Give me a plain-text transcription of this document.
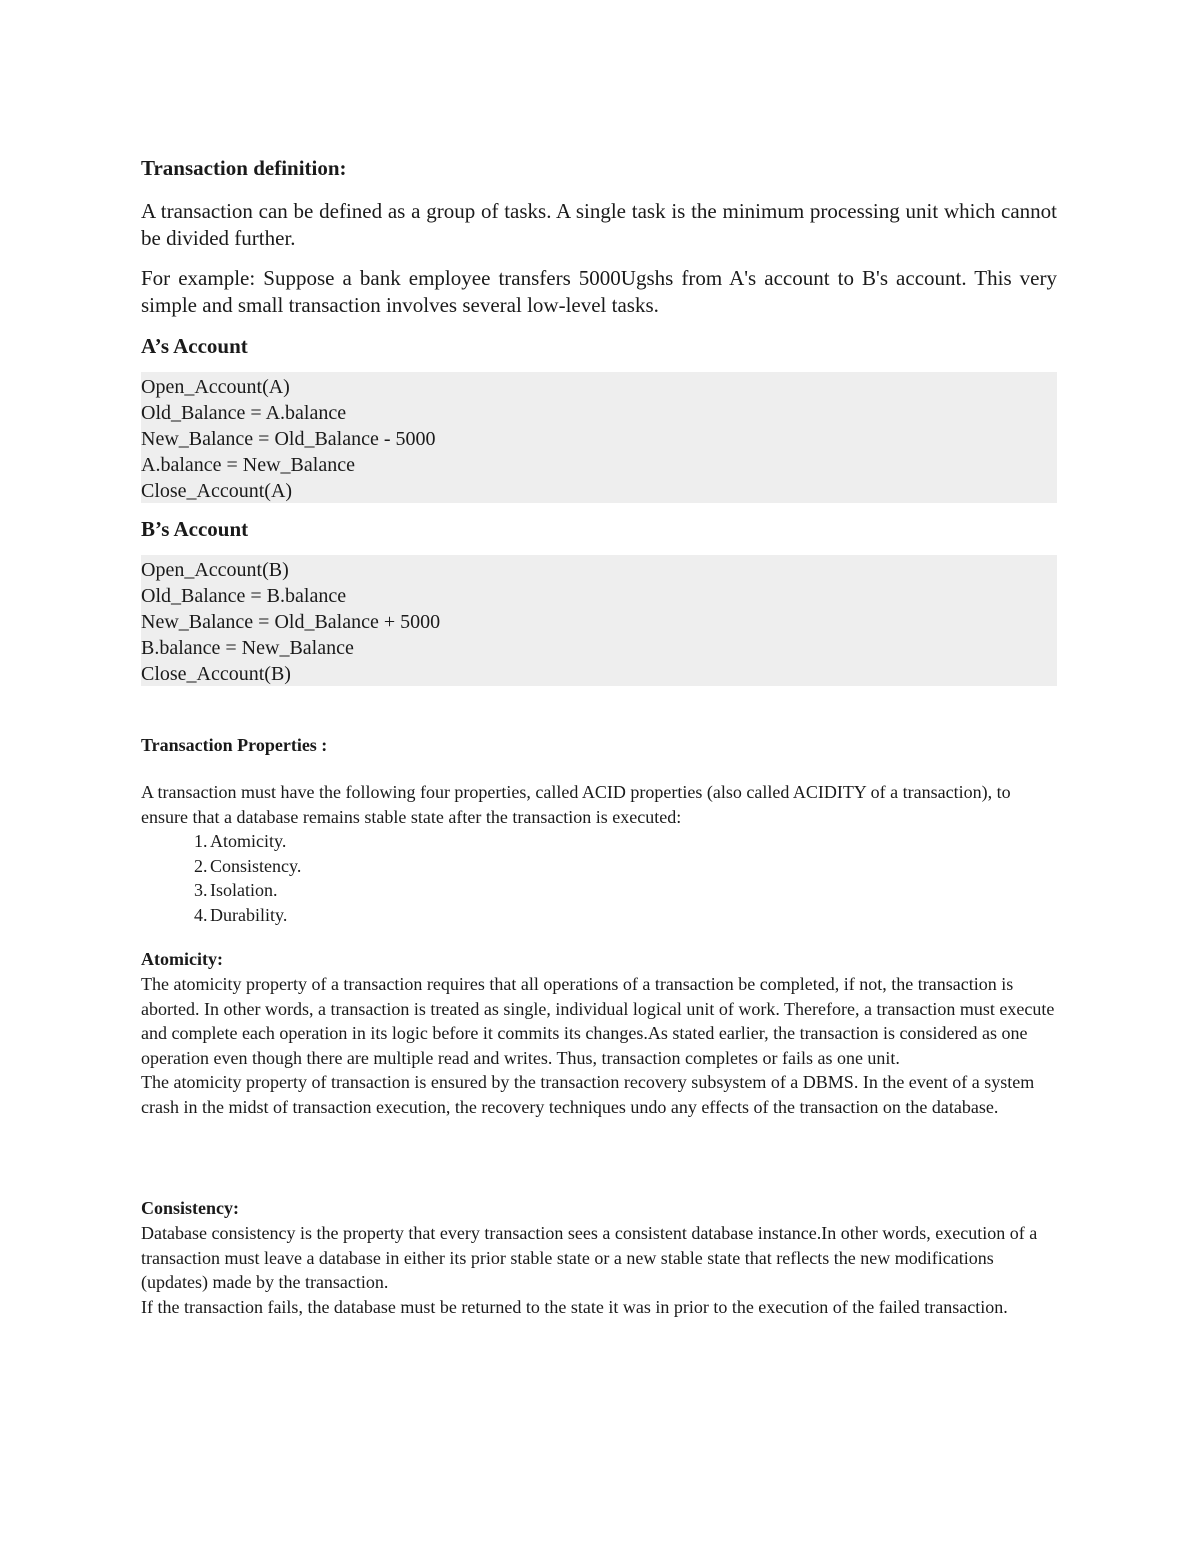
Transaction definition:

A transaction can be defined as a group of tasks. A single task is the minimum processing unit which cannot be divided further.

For example: Suppose a bank employee transfers 5000Ugshs from A's account to B's account. This very simple and small transaction involves several low-level tasks.

A’s Account
Open_Account(A)
Old_Balance = A.balance
New_Balance = Old_Balance - 5000
A.balance = New_Balance
Close_Account(A)
B’s Account
Open_Account(B)
Old_Balance = B.balance
New_Balance = Old_Balance + 5000
B.balance = New_Balance
Close_Account(B)
Transaction Properties :

A transaction must have the following four properties, called ACID properties (also called ACIDITY of a transaction), to ensure that a database remains stable state after the transaction is executed:

1. Atomicity.
2. Consistency.
3. Isolation.
4. Durability.
Atomicity:

The atomicity property of a transaction requires that all operations of a transaction be completed, if not, the transaction is aborted. In other words, a transaction is treated as single, individual logical unit of work. Therefore, a transaction must execute and complete each operation in its logic before it commits its changes.As stated earlier, the transaction is considered as one operation even though there are multiple read and writes. Thus, transaction completes or fails as one unit.

The atomicity property of transaction is ensured by the transaction recovery subsystem of a DBMS. In the event of a system crash in the midst of transaction execution, the recovery techniques undo any effects of the transaction on the database.

Consistency:

Database consistency is the property that every transaction sees a consistent database instance.In other words, execution of a transaction must leave a database in either its prior stable state or a new stable state that reflects the new modifications (updates) made by the transaction.

If the transaction fails, the database must be returned to the state it was in prior to the execution of the failed transaction.
